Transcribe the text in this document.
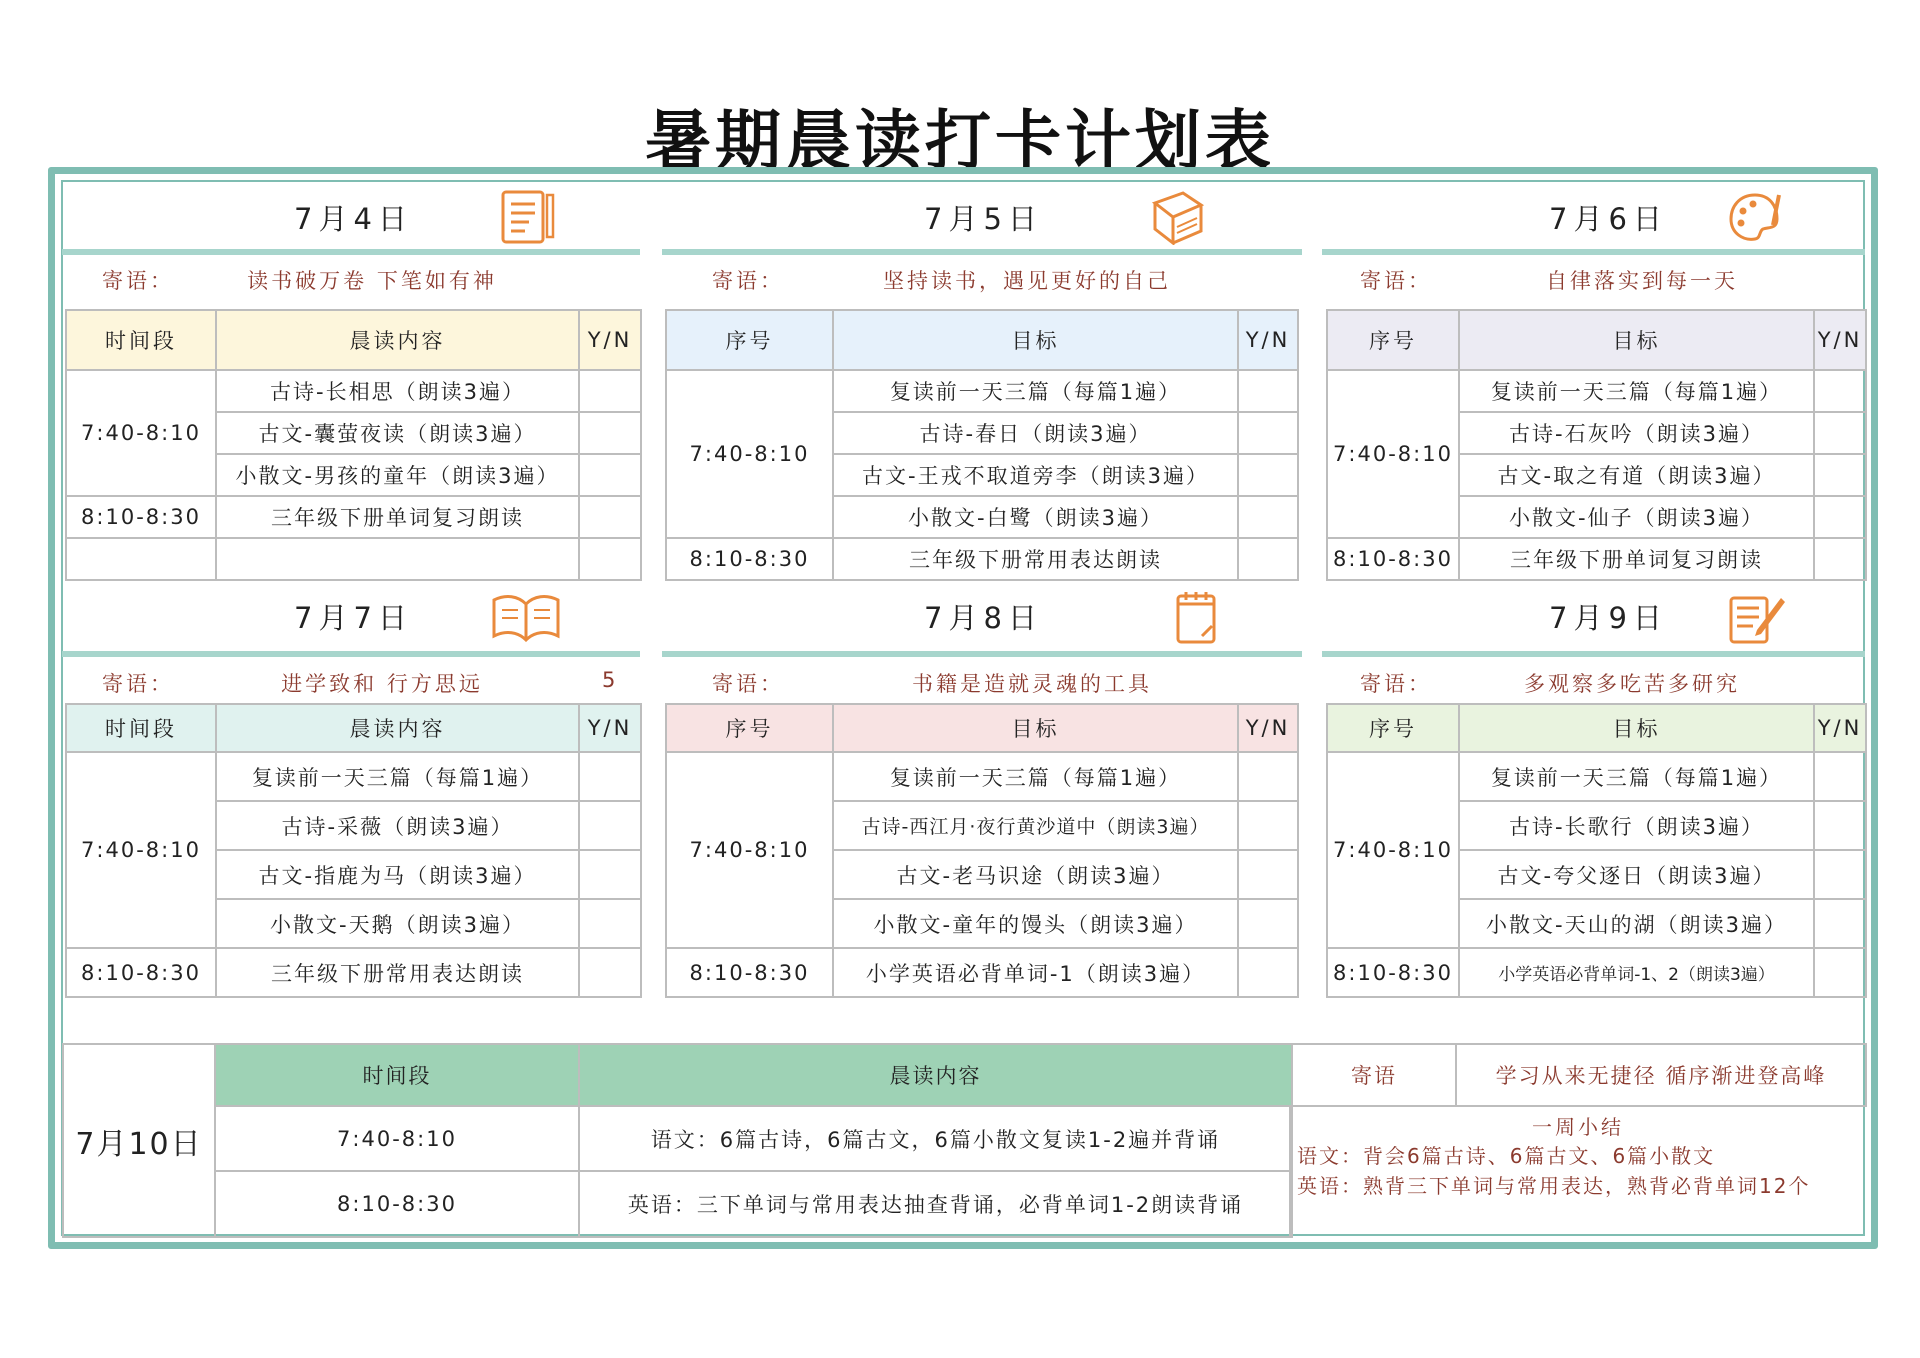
暑期晨读打卡计划表
7月4日
寄语：	读书破万卷 下笔如有神
时间段	晨读内容	Y/N
7:40-8:10	古诗-长相思（朗读3遍）	
	古文-囊萤夜读（朗读3遍）	
	小散文-男孩的童年（朗读3遍）	
8:10-8:30	三年级下册单词复习朗读	

7月5日
寄语：	坚持读书，遇见更好的自己
序号	目标	Y/N
7:40-8:10	复读前一天三篇（每篇1遍）	
	古诗-春日（朗读3遍）	
	古文-王戎不取道旁李（朗读3遍）	
	小散文-白鹭（朗读3遍）	
8:10-8:30	三年级下册常用表达朗读	
7月6日
寄语：	自律落实到每一天
序号	目标	Y/N
7:40-8:10	复读前一天三篇（每篇1遍）	
	古诗-石灰吟（朗读3遍）	
	古文-取之有道（朗读3遍）	
	小散文-仙子（朗读3遍）	
8:10-8:30	三年级下册单词复习朗读	
7月7日
寄语：	进学致和 行方思远	5
时间段	晨读内容	Y/N
7:40-8:10	复读前一天三篇（每篇1遍）	
	古诗-采薇（朗读3遍）	
	古文-指鹿为马（朗读3遍）	
	小散文-天鹅（朗读3遍）	
8:10-8:30	三年级下册常用表达朗读	
7月8日
寄语：	书籍是造就灵魂的工具
序号	目标	Y/N
7:40-8:10	复读前一天三篇（每篇1遍）	
	古诗-西江月·夜行黄沙道中（朗读3遍）	
	古文-老马识途（朗读3遍）	
	小散文-童年的馒头（朗读3遍）	
8:10-8:30	小学英语必背单词-1（朗读3遍）	
7月9日
寄语：	多观察多吃苦多研究
序号	目标	Y/N
7:40-8:10	复读前一天三篇（每篇1遍）	
	古诗-长歌行（朗读3遍）	
	古文-夸父逐日（朗读3遍）	
	小散文-天山的湖（朗读3遍）	
8:10-8:30	小学英语必背单词-1、2（朗读3遍）	
7月10日	时间段	晨读内容	寄语	学习从来无捷径 循序渐进登高峰
	7:40-8:10	语文：6篇古诗，6篇古文，6篇小散文复读1-2遍并背诵		
	8:10-8:30	英语：三下单词与常用表达抽查背诵，必背单词1-2朗读背诵		
一周小结
语文：背会6篇古诗、6篇古文、6篇小散文
英语：熟背三下单词与常用表达，熟背必背单词12个
